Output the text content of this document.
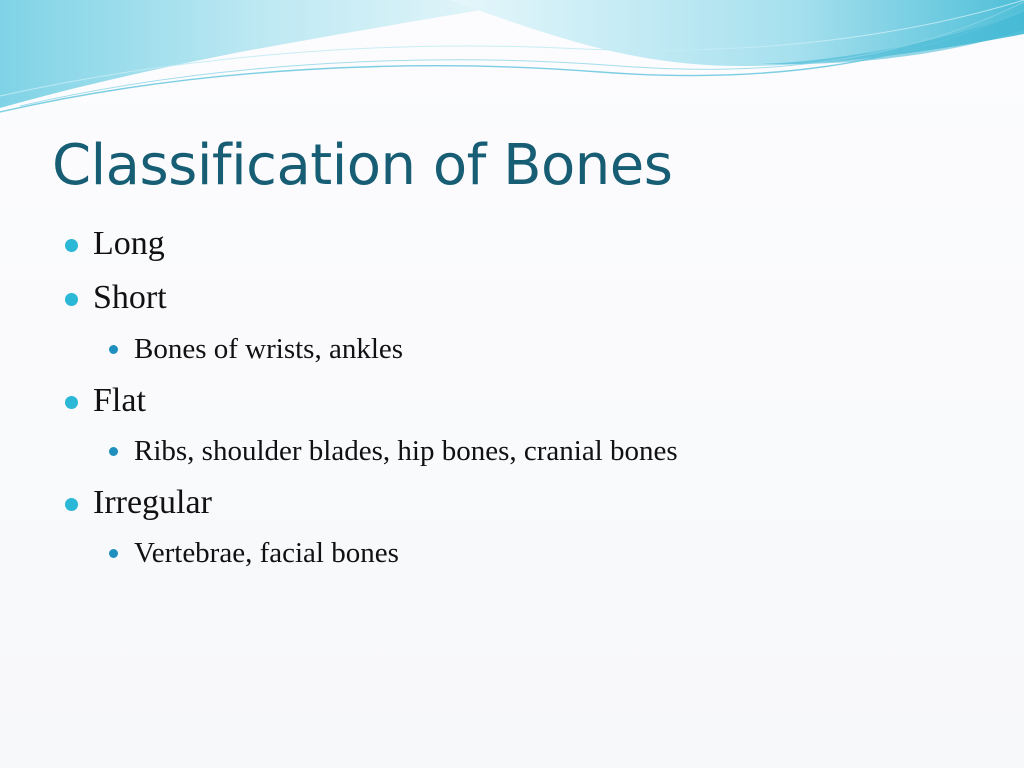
Classification of Bones
Long
Short
Bones of wrists, ankles
Flat
Ribs, shoulder blades, hip bones, cranial bones
Irregular
Vertebrae, facial bones
